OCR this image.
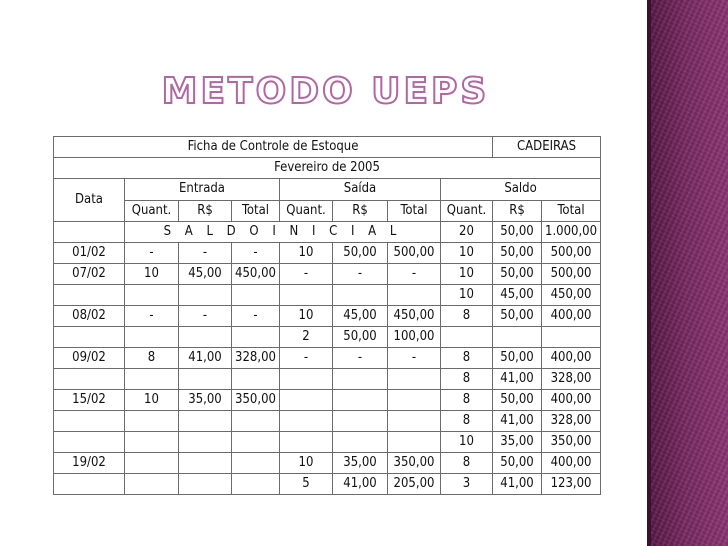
METODO UEPS
Ficha de Controle de Estoque								CADEIRAS	
Fevereiro de 2005									
Data	Entrada			Saída			Saldo		
	Quant.	R$	Total	Quant.	R$	Total	Quant.	R$	Total
	S A L D O I N I C I A L						20	50,00	1.000,00
01/02	-	-	-	10	50,00	500,00	10	50,00	500,00
07/02	10	45,00	450,00	-	-	-	10	50,00	500,00
							10	45,00	450,00
08/02	-	-	-	10	45,00	450,00	8	50,00	400,00
				2	50,00	100,00			
09/02	8	41,00	328,00	-	-	-	8	50,00	400,00
							8	41,00	328,00
15/02	10	35,00	350,00				8	50,00	400,00
							8	41,00	328,00
							10	35,00	350,00
19/02				10	35,00	350,00	8	50,00	400,00
				5	41,00	205,00	3	41,00	123,00
